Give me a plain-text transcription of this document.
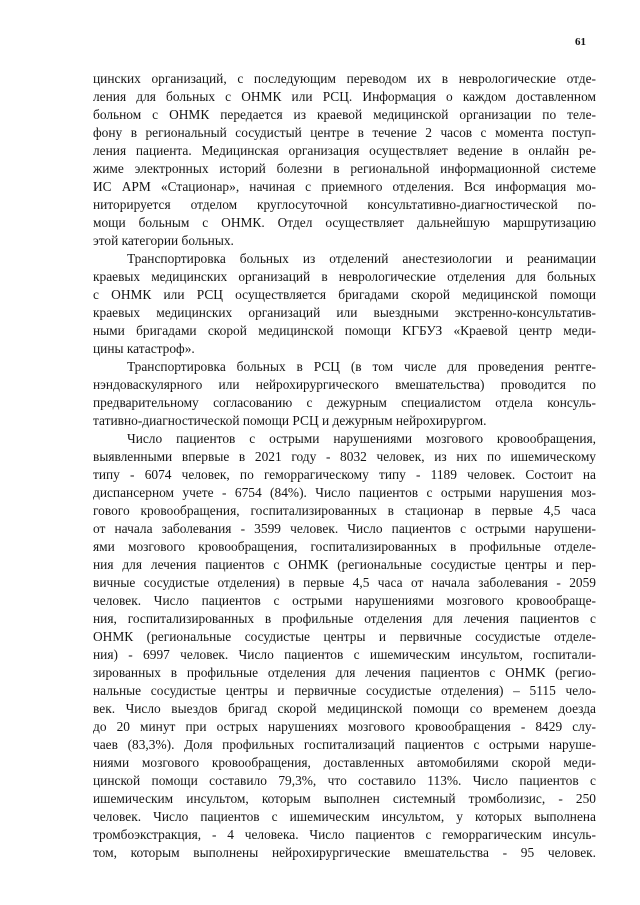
61
цинских организаций, с последующим переводом их в неврологические отде-
ления для больных с ОНМК или РСЦ. Информация о каждом доставленном
больном с ОНМК передается из краевой медицинской организации по теле-
фону в региональный сосудистый центре в течение 2 часов с момента поступ-
ления пациента. Медицинская организация осуществляет ведение в онлайн ре-
жиме электронных историй болезни в региональной информационной системе
ИС АРМ «Стационар», начиная с приемного отделения. Вся информация мо-
ниторируется отделом круглосуточной консультативно-диагностической по-
мощи больным с ОНМК. Отдел осуществляет дальнейшую маршрутизацию
этой категории больных.
Транспортировка больных из отделений анестезиологии и реанимации
краевых медицинских организаций в неврологические отделения для больных
с ОНМК или РСЦ осуществляется бригадами скорой медицинской помощи
краевых медицинских организаций или выездными экстренно-консультатив-
ными бригадами скорой медицинской помощи КГБУЗ «Краевой центр меди-
цины катастроф».
Транспортировка больных в РСЦ (в том числе для проведения рентге-
нэндоваскулярного или нейрохирургического вмешательства) проводится по
предварительному согласованию с дежурным специалистом отдела консуль-
тативно-диагностической помощи РСЦ и дежурным нейрохирургом.
Число пациентов с острыми нарушениями мозгового кровообращения,
выявленными впервые в 2021 году - 8032 человек, из них по ишемическому
типу - 6074 человек, по геморрагическому типу - 1189 человек. Состоит на
диспансерном учете - 6754 (84%). Число пациентов с острыми нарушения моз-
гового кровообращения, госпитализированных в стационар в первые 4,5 часа
от начала заболевания - 3599 человек. Число пациентов с острыми нарушени-
ями мозгового кровообращения, госпитализированных в профильные отделе-
ния для лечения пациентов с ОНМК (региональные сосудистые центры и пер-
вичные сосудистые отделения) в первые 4,5 часа от начала заболевания - 2059
человек. Число пациентов с острыми нарушениями мозгового кровообраще-
ния, госпитализированных в профильные отделения для лечения пациентов с
ОНМК (региональные сосудистые центры и первичные сосудистые отделе-
ния) - 6997 человек. Число пациентов с ишемическим инсультом, госпитали-
зированных в профильные отделения для лечения пациентов с ОНМК (регио-
нальные сосудистые центры и первичные сосудистые отделения) – 5115 чело-
век. Число выездов бригад скорой медицинской помощи со временем доезда
до 20 минут при острых нарушениях мозгового кровообращения - 8429 слу-
чаев (83,3%). Доля профильных госпитализаций пациентов с острыми наруше-
ниями мозгового кровообращения, доставленных автомобилями скорой меди-
цинской помощи составило 79,3%, что составило 113%. Число пациентов с
ишемическим инсультом, которым выполнен системный тромболизис, - 250
человек. Число пациентов с ишемическим инсультом, у которых выполнена
тромбоэкстракция, - 4 человека. Число пациентов с геморрагическим инсуль-
том, которым выполнены нейрохирургические вмешательства - 95 человек.
